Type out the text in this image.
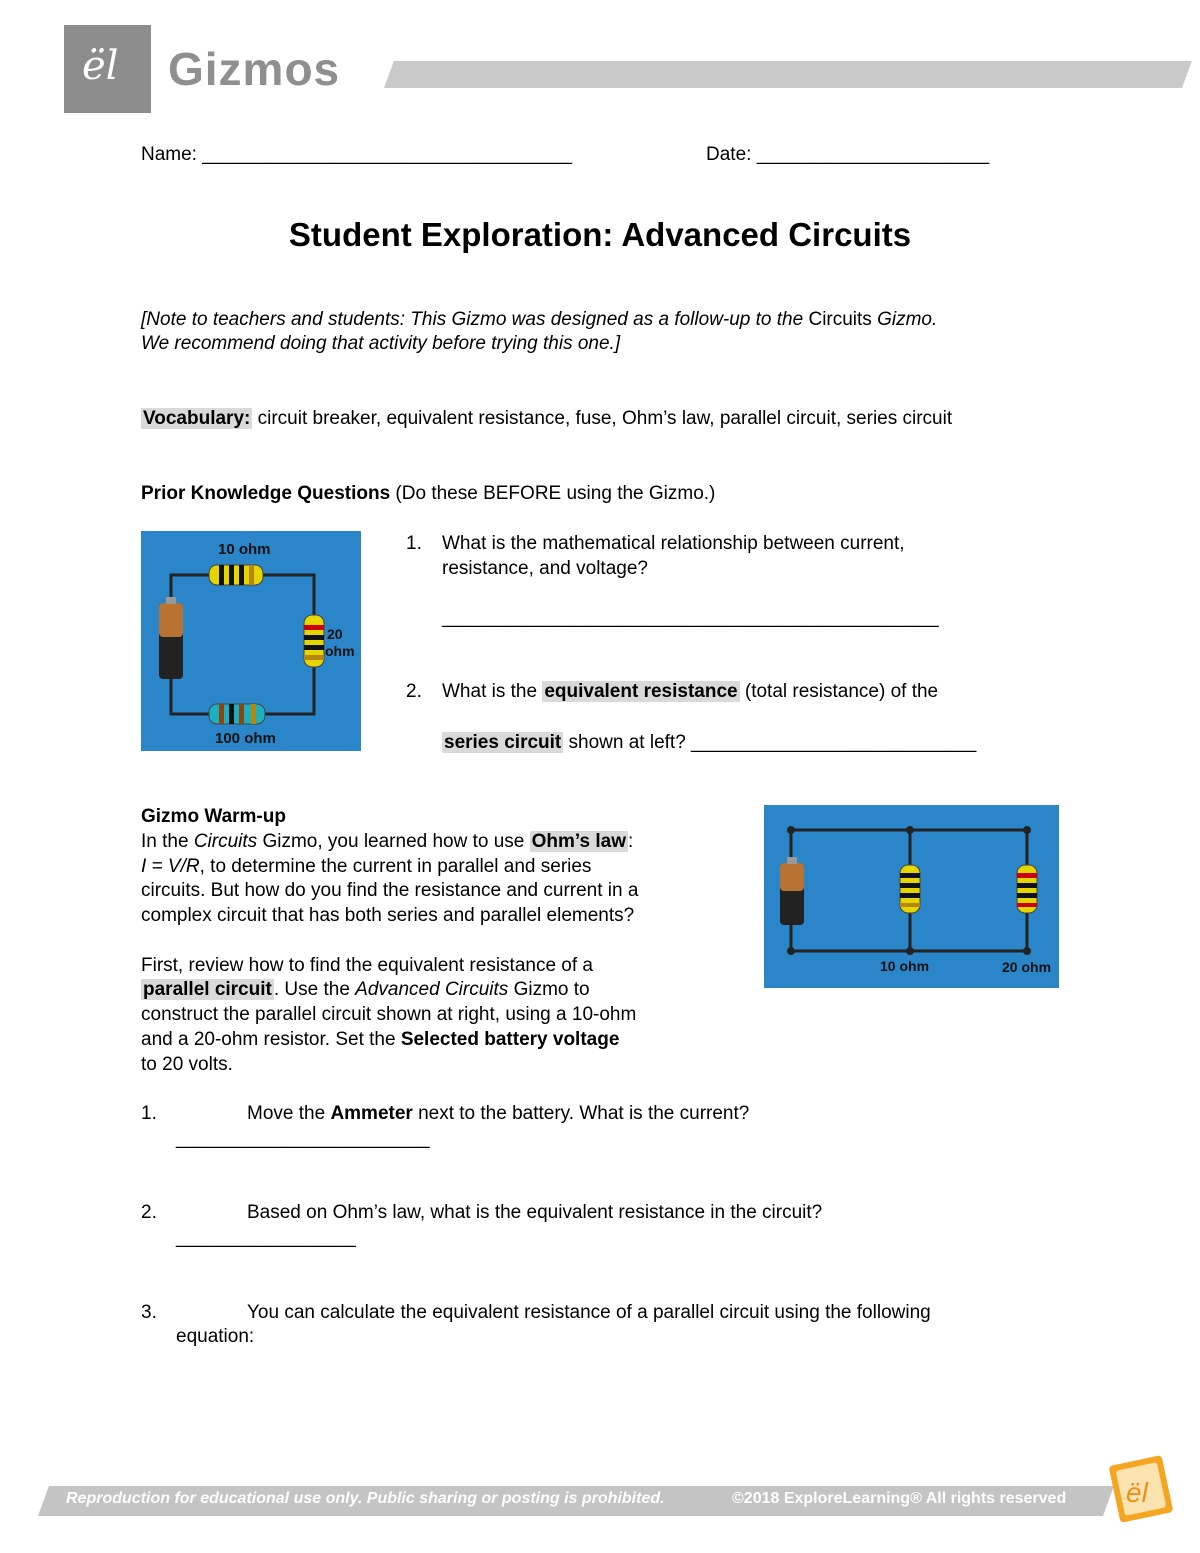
ël Gizmos
Name: ___________________________________	Date: ______________________
Student Exploration: Advanced Circuits
[Note to teachers and students: This Gizmo was designed as a follow-up to the Circuits Gizmo.
We recommend doing that activity before trying this one.]
Vocabulary: circuit breaker, equivalent resistance, fuse, Ohm’s law, parallel circuit, series circuit
Prior Knowledge Questions (Do these BEFORE using the Gizmo.)
10 ohm
20
ohm
100 ohm
1. What is the mathematical relationship between current,
resistance, and voltage?
_______________________________________________
2. What is the equivalent resistance (total resistance) of the
series circuit shown at left? ___________________________
Gizmo Warm-up
In the Circuits Gizmo, you learned how to use Ohm’s law :
I = V/R, to determine the current in parallel and series
circuits. But how do you find the resistance and current in a
complex circuit that has both series and parallel elements?
First, review how to find the equivalent resistance of a
parallel circuit . Use the Advanced Circuits Gizmo to
construct the parallel circuit shown at right, using a 10-ohm
and a 20-ohm resistor. Set the Selected battery voltage
to 20 volts.
10 ohm	20 ohm
1.	Move the Ammeter next to the battery. What is the current?
________________________
2.	Based on Ohm’s law, what is the equivalent resistance in the circuit?
_________________
3.	You can calculate the equivalent resistance of a parallel circuit using the following
equation:
Reproduction for educational use only. Public sharing or posting is prohibited.	©2018 ExploreLearning® All rights reserved ël
